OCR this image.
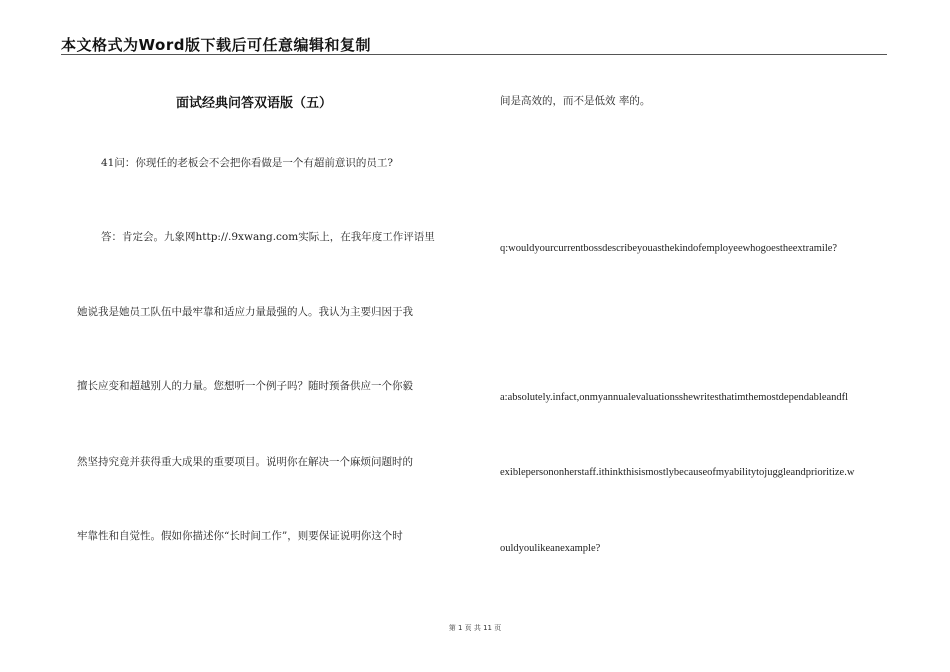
本文格式为Word版下载后可任意编辑和复制
面试经典问答双语版（五）
41问：你现任的老板会不会把你看做是一个有超前意识的员工?
答：肯定会。九象网http://.9xwang.com实际上，在我年度工作评语里
她说我是她员工队伍中最牢靠和适应力量最强的人。我认为主要归因于我
擅长应变和超越别人的力量。您想听一个例子吗？随时预备供应一个你毅
然坚持究竟并获得重大成果的重要项目。说明你在解决一个麻烦问题时的
牢靠性和自觉性。假如你描述你“长时间工作”，则要保证说明你这个时
间是高效的，而不是低效 率的。
q:wouldyourcurrentbossdescribeyouasthekindofemployeewhogoestheextramile?
a:absolutely.infact,onmyannualevaluationsshewritesthatimthemostdependableandfl
exiblepersononherstaff.ithinkthisismostlybecauseofmyabilitytojuggleandprioritize.w
ouldyoulikeanexample?
第 1 页 共 11 页
